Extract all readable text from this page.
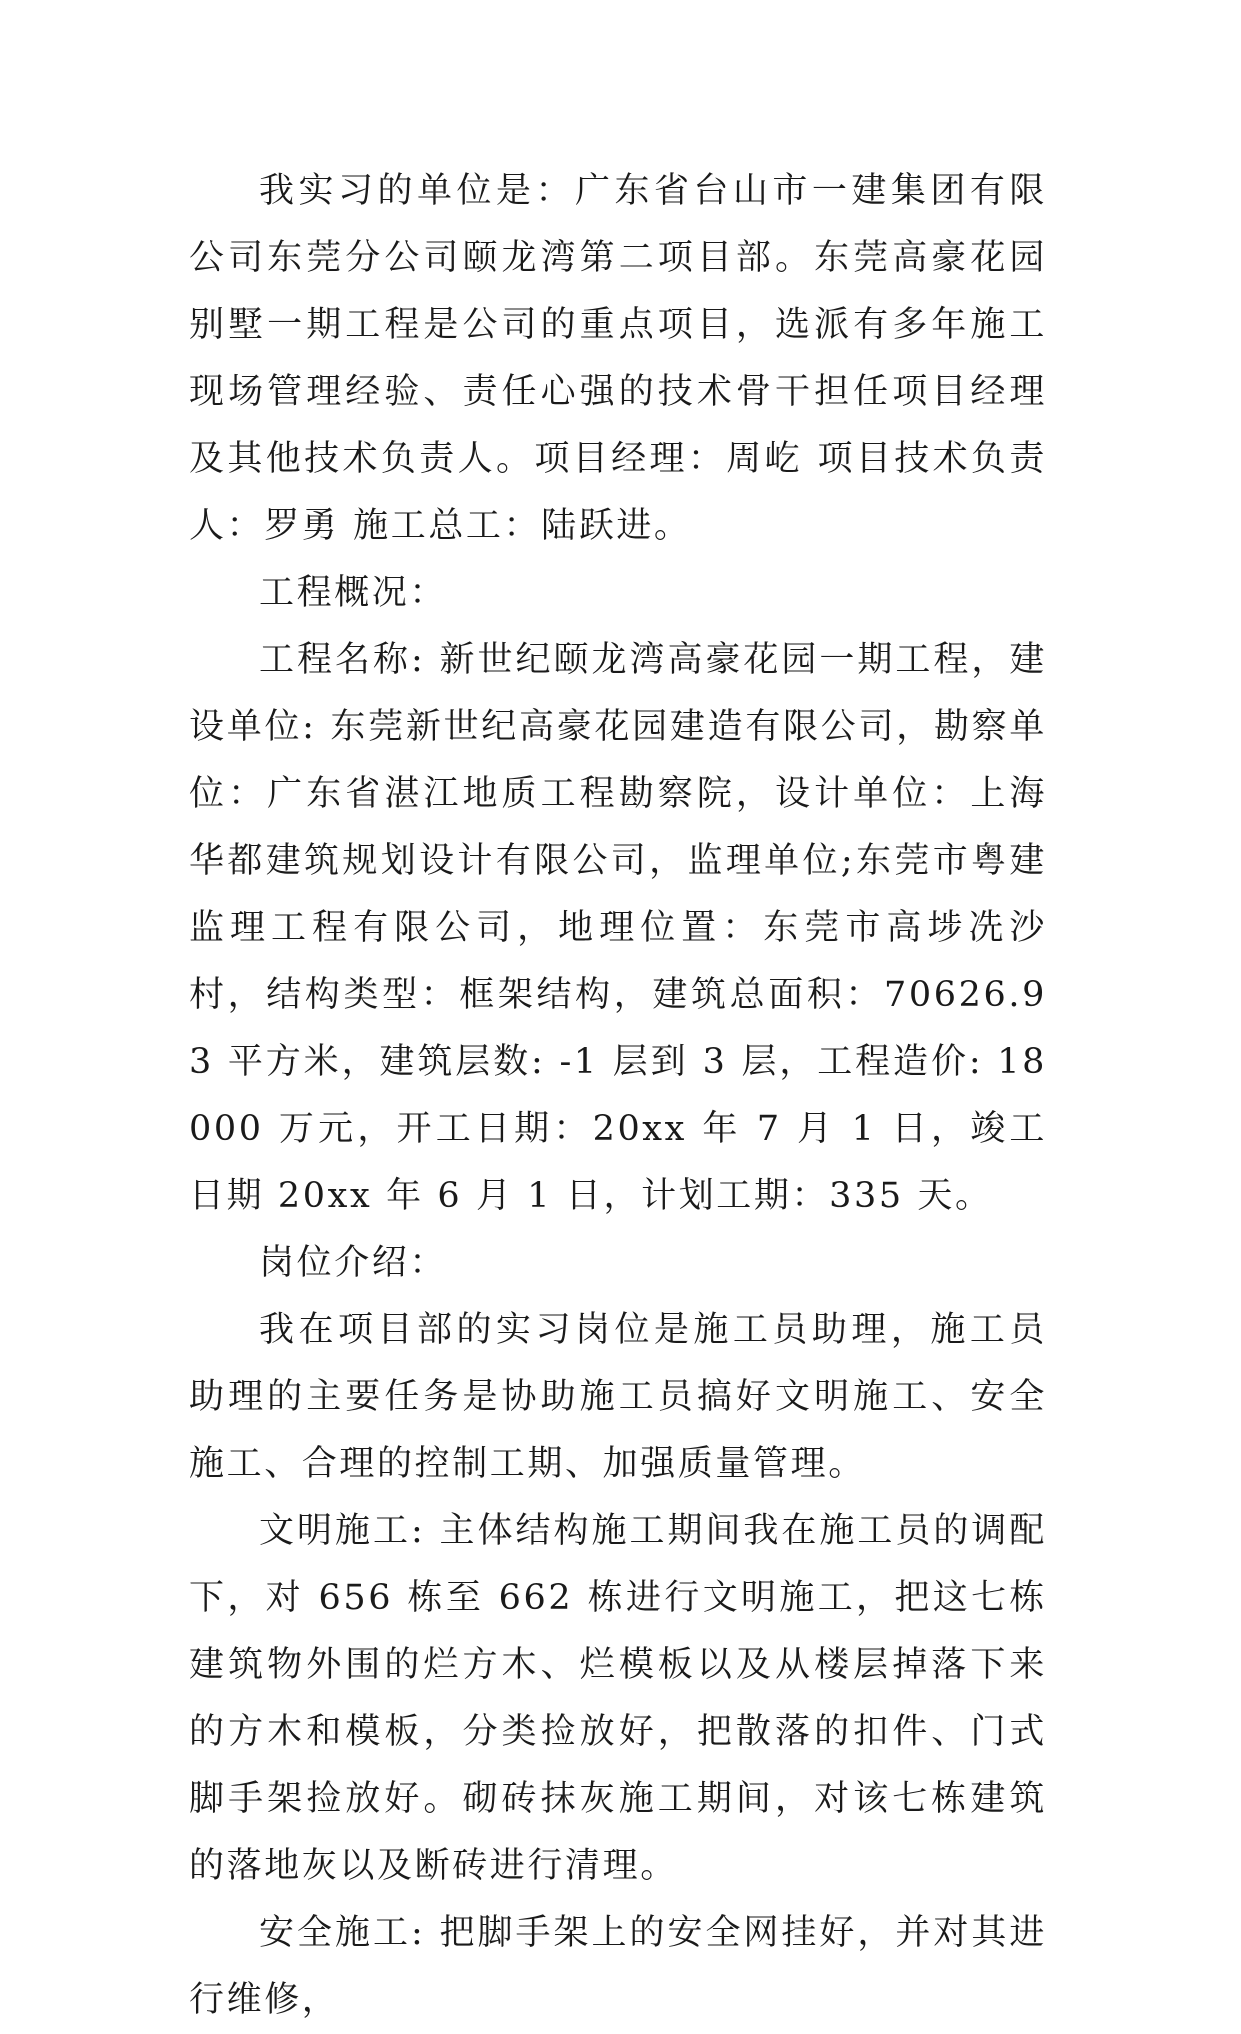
我实习的单位是：广东省台山市一建集团有限公司东莞分公司颐龙湾第二项目部。东莞高豪花园别墅一期工程是公司的重点项目，选派有多年施工现场管理经验、责任心强的技术骨干担任项目经理及其他技术负责人。项目经理：周屹 项目技术负责人：罗勇 施工总工：陆跃进。

工程概况：

工程名称: 新世纪颐龙湾高豪花园一期工程，建设单位: 东莞新世纪高豪花园建造有限公司，勘察单位：广东省湛江地质工程勘察院，设计单位：上海华都建筑规划设计有限公司，监理单位;东莞市粤建监理工程有限公司，地理位置：东莞市高埗冼沙村，结构类型：框架结构，建筑总面积：70626.93 平方米，建筑层数: -1 层到 3 层，工程造价: 18000 万元，开工日期：20xx 年 7 月 1 日，竣工日期 20xx 年 6 月 1 日，计划工期：335 天。

岗位介绍：

我在项目部的实习岗位是施工员助理，施工员助理的主要任务是协助施工员搞好文明施工、安全施工、合理的控制工期、加强质量管理。

文明施工: 主体结构施工期间我在施工员的调配下，对 656 栋至 662 栋进行文明施工，把这七栋建筑物外围的烂方木、烂模板以及从楼层掉落下来的方木和模板，分类捡放好，把散落的扣件、门式脚手架捡放好。砌砖抹灰施工期间，对该七栋建筑的落地灰以及断砖进行清理。

安全施工: 把脚手架上的安全网挂好，并对其进行维修，
